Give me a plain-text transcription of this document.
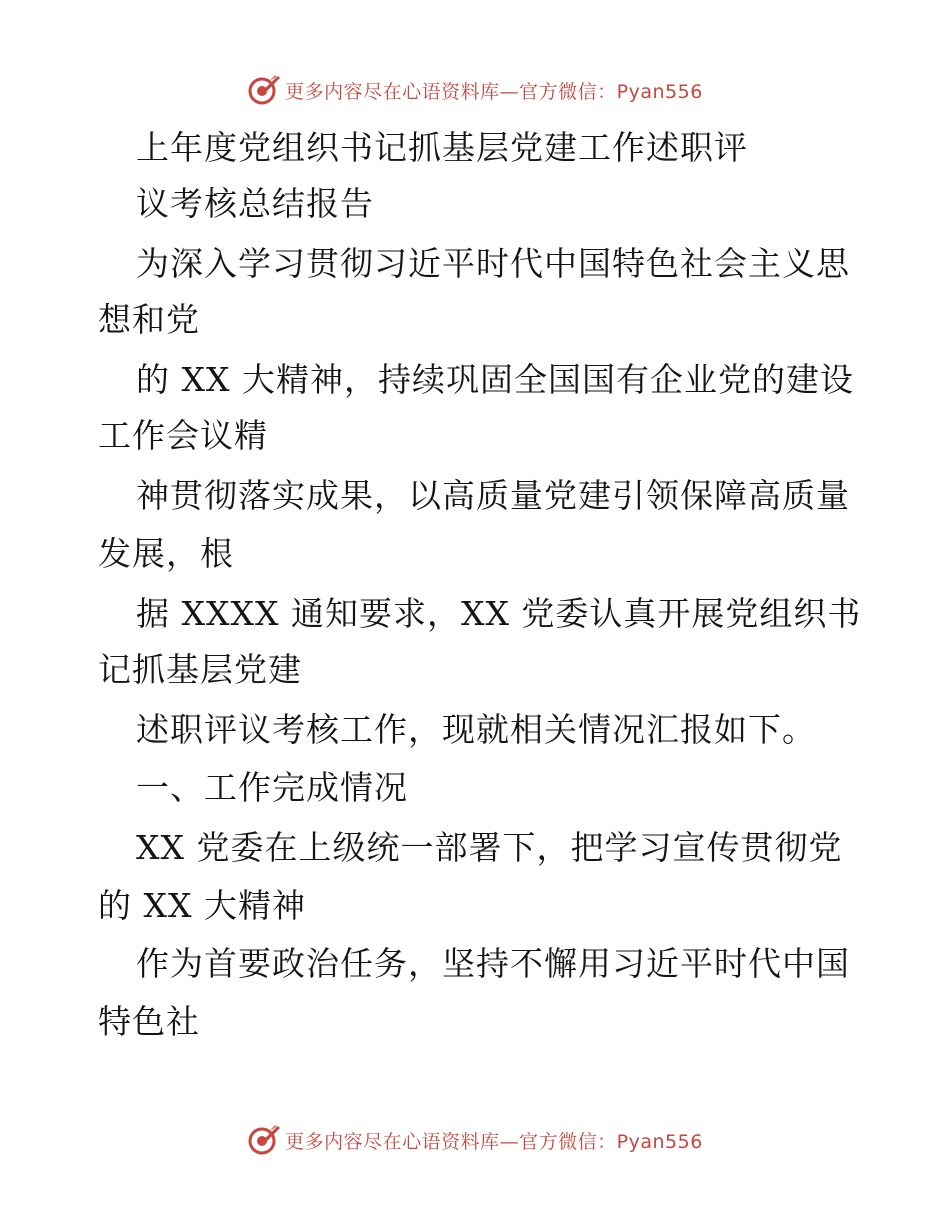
更多内容尽在心语资料库—官方微信：Pyan556
上年度党组织书记抓基层党建工作述职评
议考核总结报告
为深入学习贯彻习近平时代中国特色社会主义思
想和党
的 XX 大精神，持续巩固全国国有企业党的建设
工作会议精
神贯彻落实成果，以高质量党建引领保障高质量
发展，根
据 XXXX 通知要求，XX 党委认真开展党组织书
记抓基层党建
述职评议考核工作，现就相关情况汇报如下。
一、工作完成情况
XX 党委在上级统一部署下，把学习宣传贯彻党
的 XX 大精神
作为首要政治任务，坚持不懈用习近平时代中国
特色社
更多内容尽在心语资料库—官方微信：Pyan556
